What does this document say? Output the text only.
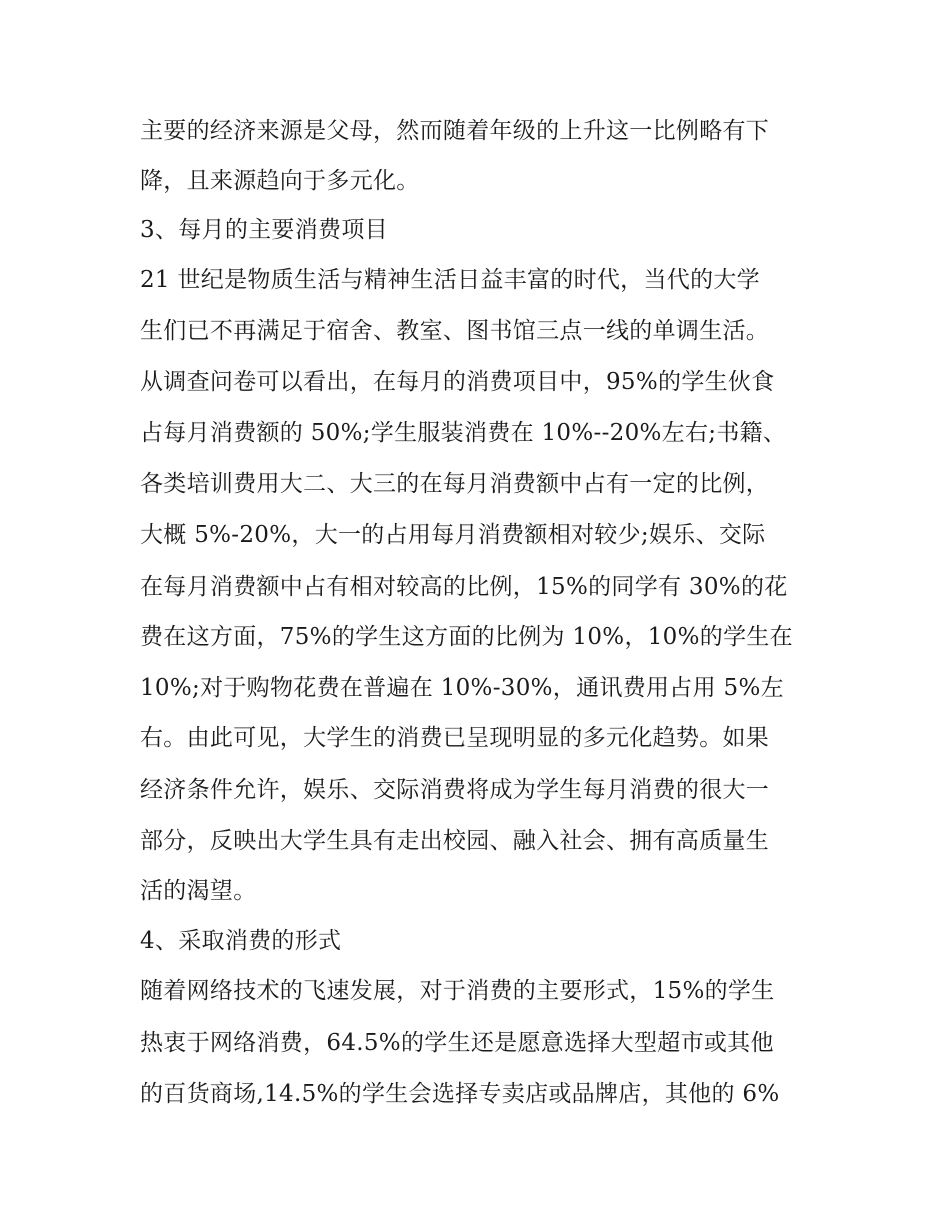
主要的经济来源是父母，然而随着年级的上升这一比例略有下
降，且来源趋向于多元化。
3、每月的主要消费项目
21 世纪是物质生活与精神生活日益丰富的时代，当代的大学
生们已不再满足于宿舍、教室、图书馆三点一线的单调生活。
从调查问卷可以看出，在每月的消费项目中，95%的学生伙食
占每月消费额的 50%;学生服装消费在 10%--20%左右;书籍、
各类培训费用大二、大三的在每月消费额中占有一定的比例，
大概 5%-20%，大一的占用每月消费额相对较少;娱乐、交际
在每月消费额中占有相对较高的比例，15%的同学有 30%的花
费在这方面，75%的学生这方面的比例为 10%，10%的学生在
10%;对于购物花费在普遍在 10%-30%，通讯费用占用 5%左
右。由此可见，大学生的消费已呈现明显的多元化趋势。如果
经济条件允许，娱乐、交际消费将成为学生每月消费的很大一
部分，反映出大学生具有走出校园、融入社会、拥有高质量生
活的渴望。
4、采取消费的形式
随着网络技术的飞速发展，对于消费的主要形式，15%的学生
热衷于网络消费，64.5%的学生还是愿意选择大型超市或其他
的百货商场,14.5%的学生会选择专卖店或品牌店，其他的 6%
